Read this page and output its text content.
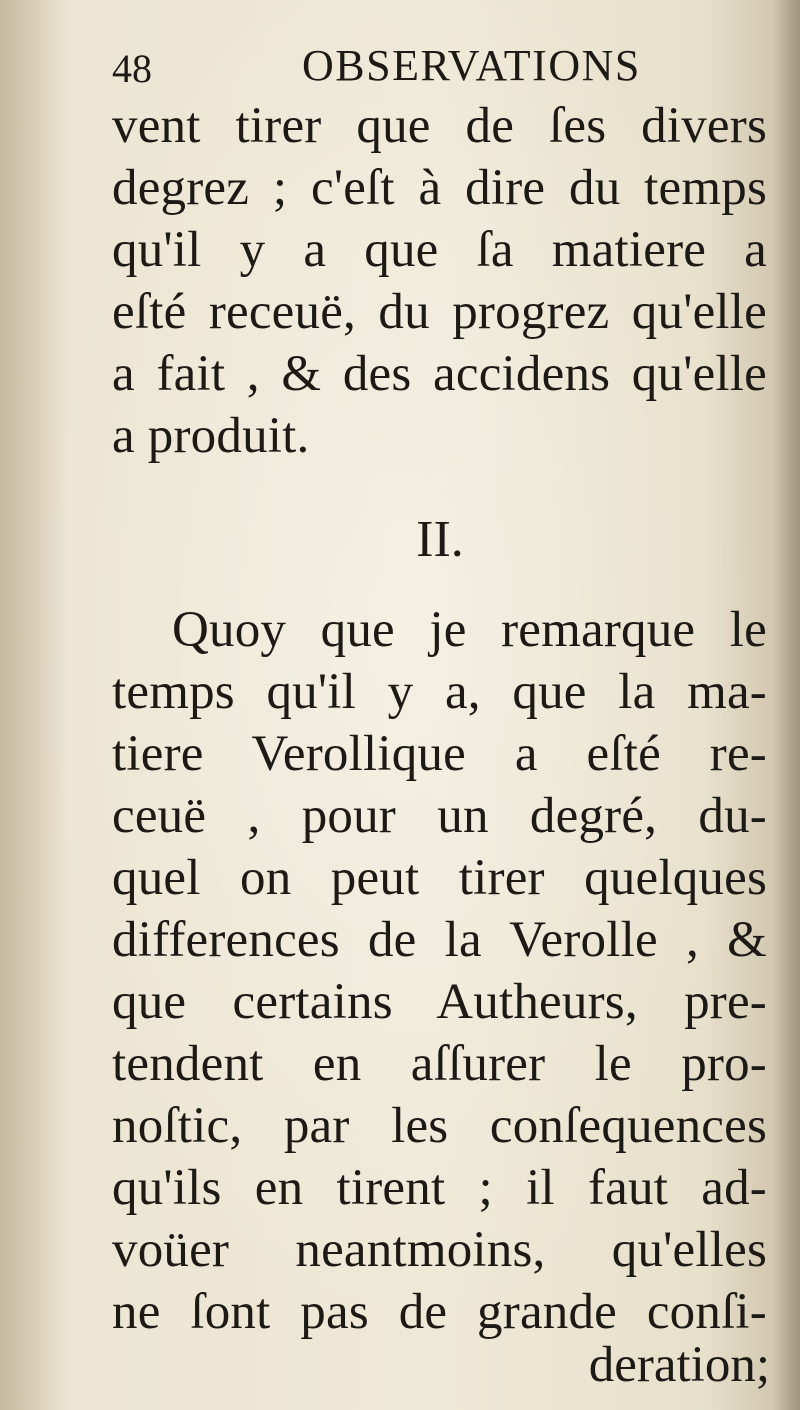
48	OBSERVATIONS
vent tirer que de ſes divers
degrez ; c'eſt à dire du temps
qu'il y a que ſa matiere a
eſté receuë, du progrez qu'elle
a fait , & des accidens qu'elle
a produit.
II.
Quoy que je remarque le
temps qu'il y a, que la ma-
tiere Verollique a eſté re-
ceuë , pour un degré, du-
quel on peut tirer quelques
differences de la Verolle , &
que certains Autheurs, pre-
tendent en aſſurer le pro-
noſtic, par les conſequences
qu'ils en tirent ; il faut ad-
voüer neantmoins, qu'elles
ne ſont pas de grande conſi-
deration;
